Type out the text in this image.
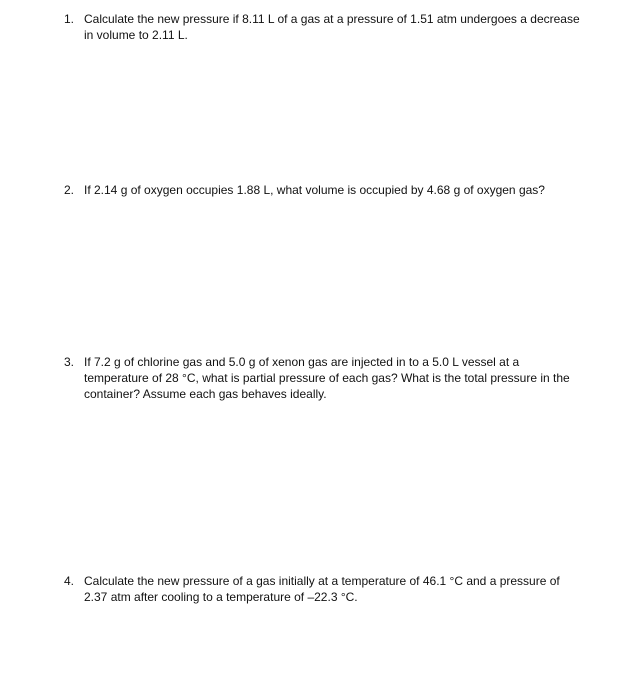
1. Calculate the new pressure if 8.11 L of a gas at a pressure of 1.51 atm undergoes a decrease in volume to 2.11 L.
2. If 2.14 g of oxygen occupies 1.88 L, what volume is occupied by 4.68 g of oxygen gas?
3. If 7.2 g of chlorine gas and 5.0 g of xenon gas are injected in to a 5.0 L vessel at a temperature of 28 °C, what is partial pressure of each gas? What is the total pressure in the container? Assume each gas behaves ideally.
4. Calculate the new pressure of a gas initially at a temperature of 46.1 °C and a pressure of 2.37 atm after cooling to a temperature of –22.3 °C.
